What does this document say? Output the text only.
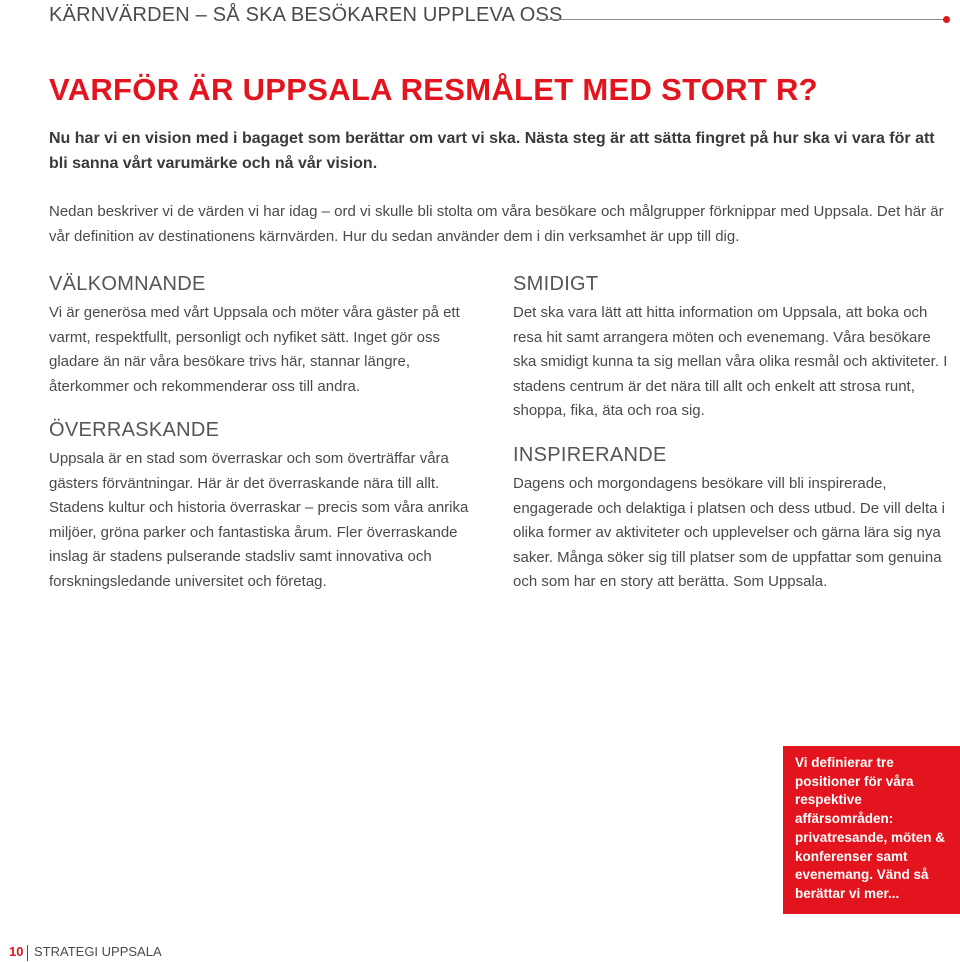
KÄRNVÄRDEN – SÅ SKA BESÖKAREN UPPLEVA OSS
VARFÖR ÄR UPPSALA RESMÅLET MED STORT R?

Nu har vi en vision med i bagaget som berättar om vart vi ska. Nästa steg är att sätta fingret på hur ska vi vara för att bli sanna vårt varumärke och nå vår vision.

Nedan beskriver vi de värden vi har idag – ord vi skulle bli stolta om våra besökare och målgrupper förknippar med Uppsala. Det här är vår definition av destinationens kärnvärden. Hur du sedan använder dem i din verksamhet är upp till dig.

VÄLKOMNANDE

Vi är generösa med vårt Uppsala och möter våra gäster på ett varmt, respektfullt, personligt och nyfiket sätt. Inget gör oss gladare än när våra besökare trivs här, stannar längre, återkommer och rekommenderar oss till andra.

ÖVERRASKANDE

Uppsala är en stad som överraskar och som överträffar våra gästers förväntningar. Här är det överraskande nära till allt. Stadens kultur och historia överraskar – precis som våra anrika miljöer, gröna parker och fantastiska årum. Fler överraskande inslag är stadens pulserande stadsliv samt innovativa och forskningsledande universitet och företag.

SMIDIGT

Det ska vara lätt att hitta information om Uppsala, att boka och resa hit samt arrangera möten och evenemang. Våra besökare ska smidigt kunna ta sig mellan våra olika resmål och aktiviteter. I stadens centrum är det nära till allt och enkelt att strosa runt, shoppa, fika, äta och roa sig.

INSPIRERANDE

Dagens och morgondagens besökare vill bli inspirerade, engagerade och delaktiga i platsen och dess utbud. De vill delta i olika former av aktiviteter och upplevelser och gärna lära sig nya saker. Många söker sig till platser som de uppfattar som genuina och som har en story att berätta. Som Uppsala.

Vi definierar tre positioner för våra respektive affärsområden: privatresande, möten & konferenser samt evenemang. Vänd så berättar vi mer...
10 STRATEGI UPPSALA
